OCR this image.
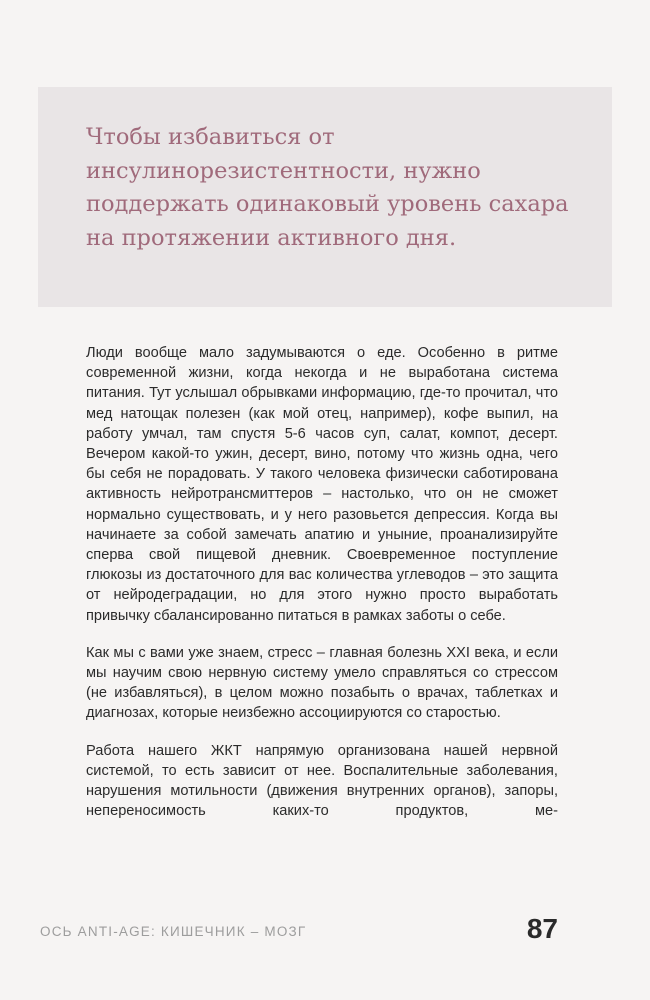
Чтобы избавиться от инсулинорезистентности, нужно поддержать одинаковый уровень сахара на протяжении активного дня.

Люди вообще мало задумываются о еде. Особенно в ритме современной жизни, когда некогда и не выработана система питания. Тут услышал обрывками информацию, где-то прочитал, что мед натощак полезен (как мой отец, например), кофе выпил, на работу умчал, там спустя 5-6 часов суп, салат, компот, десерт. Вечером какой-то ужин, десерт, вино, потому что жизнь одна, чего бы себя не порадовать. У такого человека физически саботирована активность нейротрансмиттеров – настолько, что он не сможет нормально существовать, и у него разовьется депрессия. Когда вы начинаете за собой замечать апатию и уныние, проанализируйте сперва свой пищевой дневник. Своевременное поступление глюкозы из достаточного для вас количества углеводов – это защита от нейродеградации, но для этого нужно просто выработать привычку сбалансированно питаться в рамках заботы о себе.

Как мы с вами уже знаем, стресс – главная болезнь XXI века, и если мы научим свою нервную систему умело справляться со стрессом (не избавляться), в целом можно позабыть о врачах, таблетках и диагнозах, которые неизбежно ассоциируются со старостью.

Работа нашего ЖКТ напрямую организована нашей нервной системой, то есть зависит от нее. Воспалительные заболевания, нарушения мотильности (движения внутренних органов), запоры, непереносимость каких-то продуктов, ме-

ОСЬ ANTI-AGE: КИШЕЧНИК – МОЗГ	87
